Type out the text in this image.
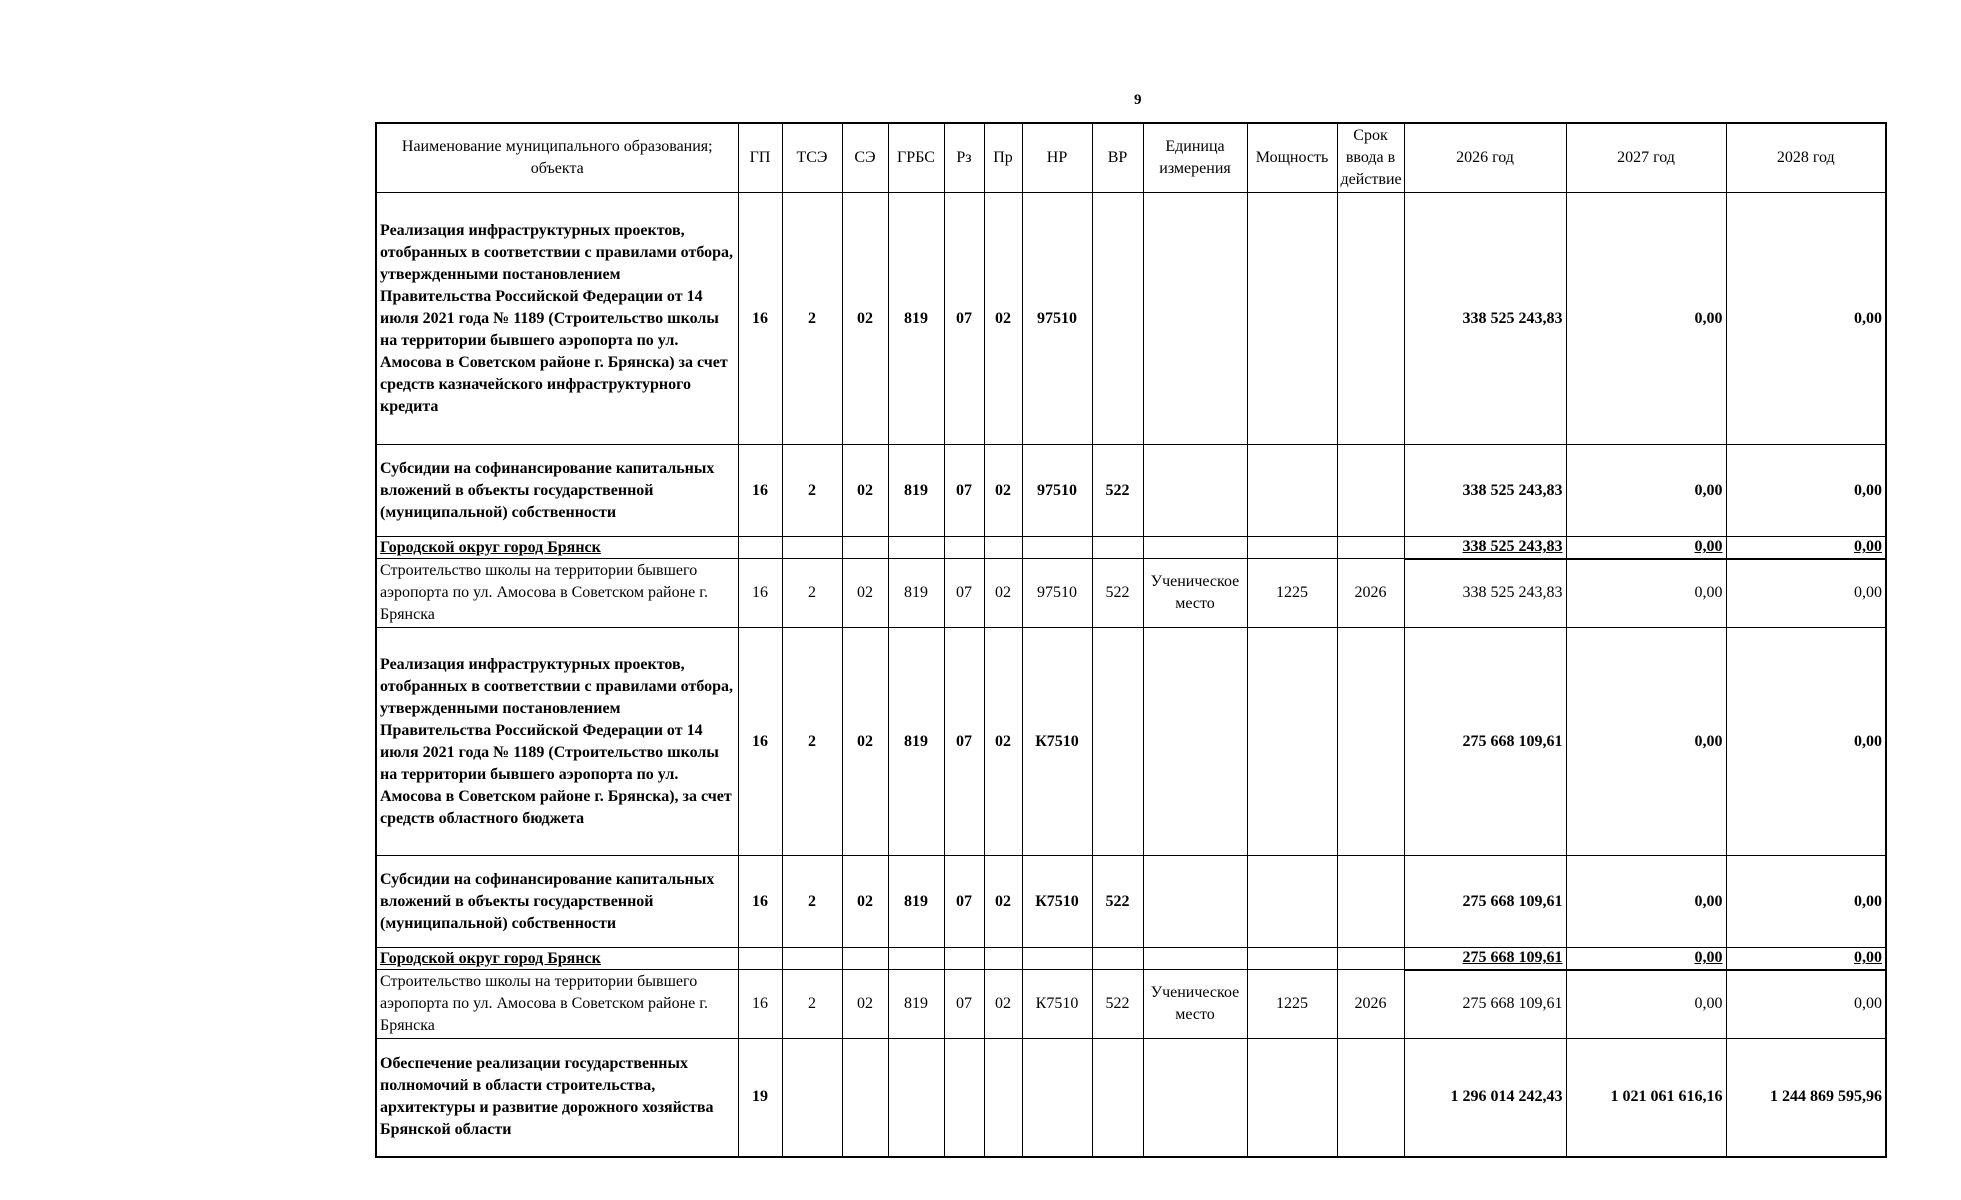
9
Наименование муниципального образования; объекта	ГП	ТСЭ	СЭ	ГРБС	Рз	Пр	НР	ВР	Единица измерения	Мощность	Срок ввода в действие	2026 год	2027 год	2028 год
Реализация инфраструктурных проектов, отобранных в соответствии с правилами отбора, утвержденными постановлением Правительства Российской Федерации от 14 июля 2021 года № 1189 (Строительство школы на территории бывшего аэропорта по ул. Амосова в Советском районе г. Брянска) за счет средств казначейского инфраструктурного кредита	16	2	02	819	07	02	97510					338 525 243,83	0,00	0,00
Субсидии на софинансирование капитальных вложений в объекты государственной (муниципальной) собственности	16	2	02	819	07	02	97510	522				338 525 243,83	0,00	0,00
Городской округ город Брянск												338 525 243,83	0,00	0,00
Строительство школы на территории бывшего аэропорта по ул. Амосова в Советском районе г. Брянска	16	2	02	819	07	02	97510	522	Ученическое место	1225	2026	338 525 243,83	0,00	0,00
Реализация инфраструктурных проектов, отобранных в соответствии с правилами отбора, утвержденными постановлением Правительства Российской Федерации от 14 июля 2021 года № 1189 (Строительство школы на территории бывшего аэропорта по ул. Амосова в Советском районе г. Брянска), за счет средств областного бюджета	16	2	02	819	07	02	К7510					275 668 109,61	0,00	0,00
Субсидии на софинансирование капитальных вложений в объекты государственной (муниципальной) собственности	16	2	02	819	07	02	К7510	522				275 668 109,61	0,00	0,00
Городской округ город Брянск												275 668 109,61	0,00	0,00
Строительство школы на территории бывшего аэропорта по ул. Амосова в Советском районе г. Брянска	16	2	02	819	07	02	К7510	522	Ученическое место	1225	2026	275 668 109,61	0,00	0,00
Обеспечение реализации государственных полномочий в области строительства, архитектуры и развитие дорожного хозяйства Брянской области	19											1 296 014 242,43	1 021 061 616,16	1 244 869 595,96
